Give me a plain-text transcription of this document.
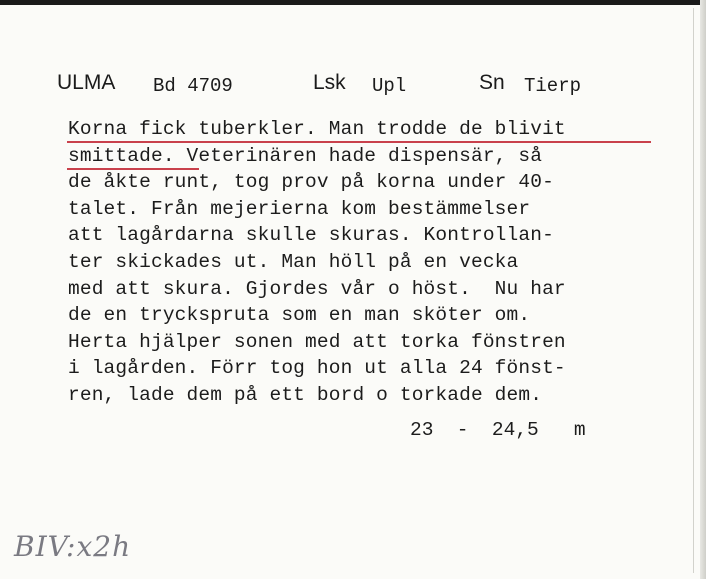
ULMA Bd 4709	Lsk Upl	Sn Tierp
Korna fick tuberkler. Man trodde de blivit
smittade. Veterinären hade dispensär, så
de åkte runt, tog prov på korna under 40-
talet. Från mejerierna kom bestämmelser
att lagårdarna skulle skuras. Kontrollan-
ter skickades ut. Man höll på en vecka
med att skura. Gjordes vår o höst.  Nu har
de en tryckspruta som en man sköter om.
Herta hjälper sonen med att torka fönstren
i lagården. Förr tog hon ut alla 24 fönst-
ren, lade dem på ett bord o torkade dem.
23  -  24,5   m
BIV:x2h
